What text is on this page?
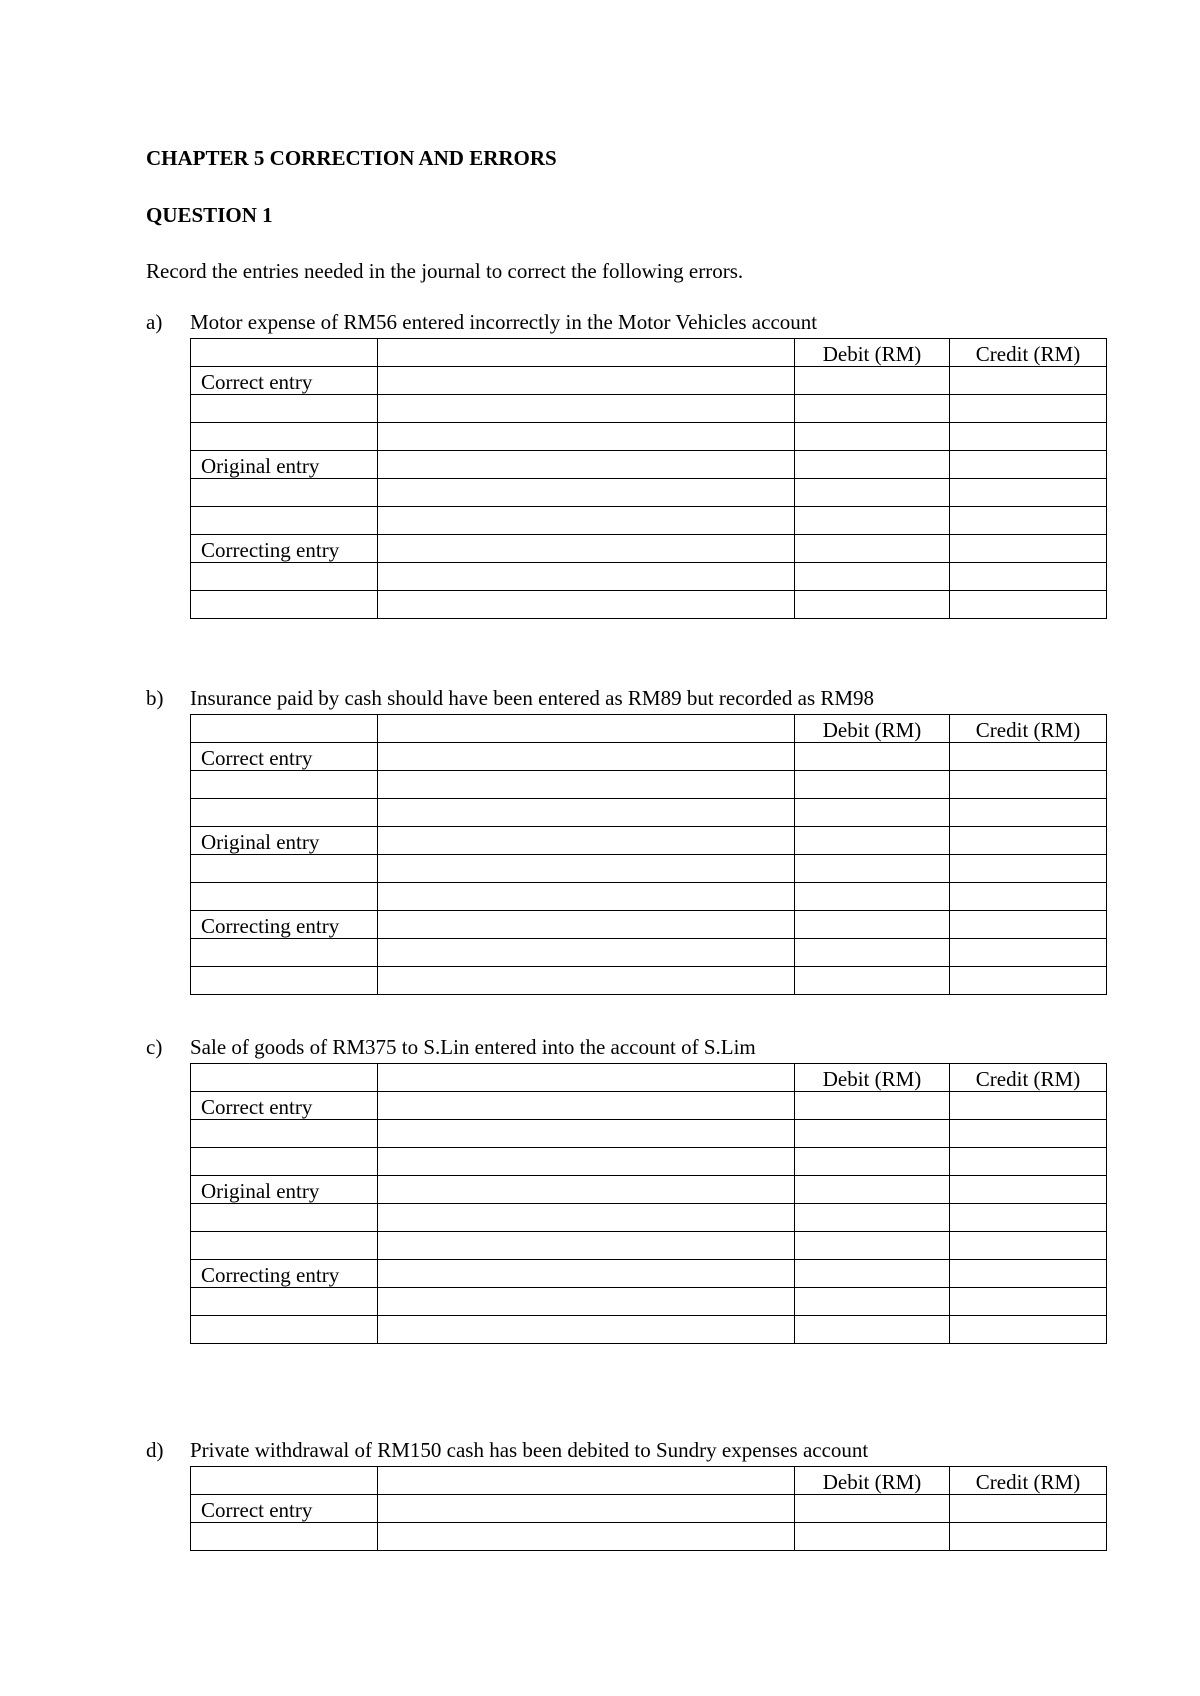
CHAPTER 5 CORRECTION AND ERRORS
QUESTION 1
Record the entries needed in the journal to correct the following errors.
a) Motor expense of RM56 entered incorrectly in the Motor Vehicles account
		Debit (RM)	Credit (RM)
Correct entry			

Original entry			

Correcting entry			

b) Insurance paid by cash should have been entered as RM89 but recorded as RM98
		Debit (RM)	Credit (RM)
Correct entry			

Original entry			

Correcting entry			

c) Sale of goods of RM375 to S.Lin entered into the account of S.Lim
		Debit (RM)	Credit (RM)
Correct entry			

Original entry			

Correcting entry			

d) Private withdrawal of RM150 cash has been debited to Sundry expenses account
		Debit (RM)	Credit (RM)
Correct entry			
